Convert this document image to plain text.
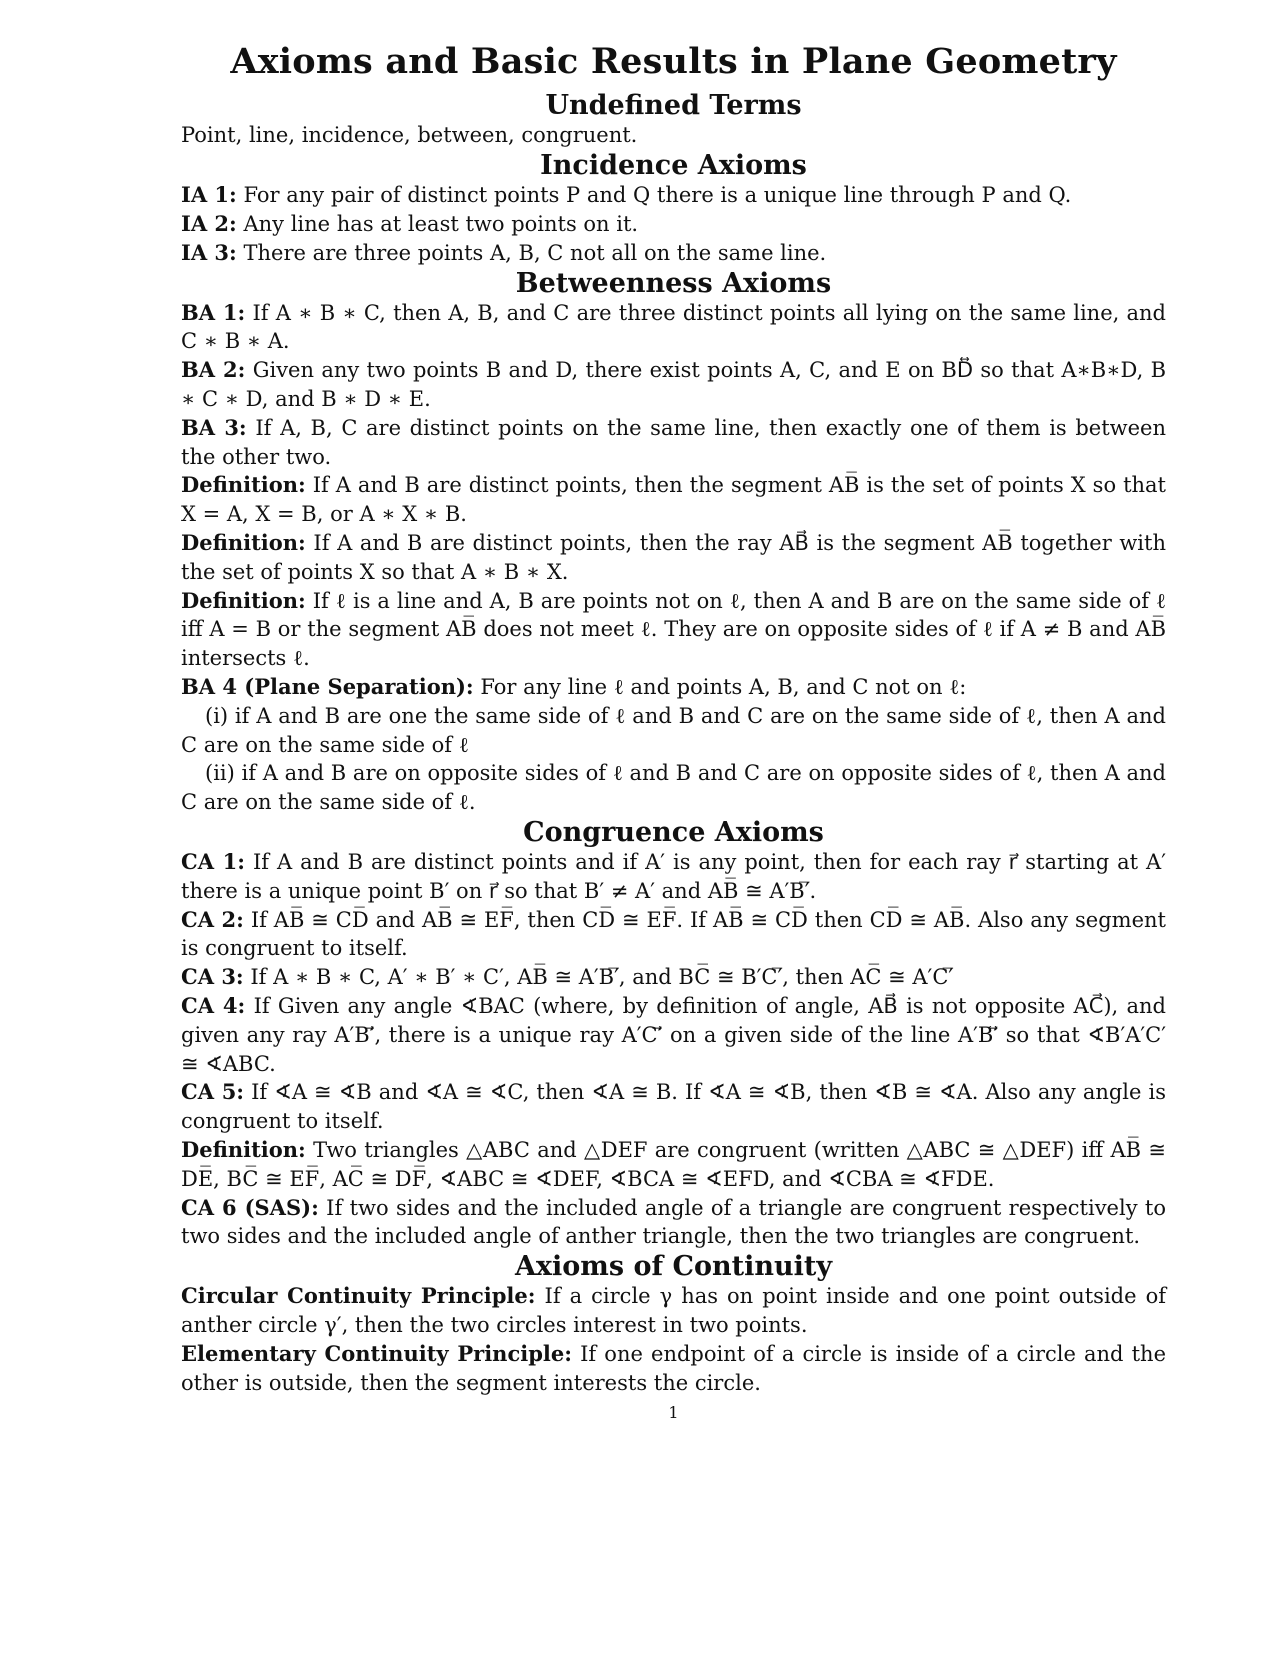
Axioms and Basic Results in Plane Geometry
Undefined Terms

Point, line, incidence, between, congruent.

Incidence Axioms

IA 1: For any pair of distinct points P and Q there is a unique line through P and Q.

IA 2: Any line has at least two points on it.

IA 3: There are three points A, B, C not all on the same line.

Betweenness Axioms

BA 1: If A ∗ B ∗ C, then A, B, and C are three distinct points all lying on the same line, and C ∗ B ∗ A.

BA 2: Given any two points B and D, there exist points A, C, and E on B͏D⃡ so that A∗B∗D, B ∗ C ∗ D, and B ∗ D ∗ E.

BA 3: If A, B, C are distinct points on the same line, then exactly one of them is between the other two.

Definition: If A and B are distinct points, then the segment AB̅ is the set of points X so that X = A, X = B, or A ∗ X ∗ B.

Definition: If A and B are distinct points, then the ray AB⃗ is the segment AB̅ together with the set of points X so that A ∗ B ∗ X.

Definition: If ℓ is a line and A, B are points not on ℓ, then A and B are on the same side of ℓ iff A = B or the segment AB̅ does not meet ℓ. They are on opposite sides of ℓ if A ≠ B and AB̅ intersects ℓ.

BA 4 (Plane Separation): For any line ℓ and points A, B, and C not on ℓ:

(i) if A and B are one the same side of ℓ and B and C are on the same side of ℓ, then A and C are on the same side of ℓ

(ii) if A and B are on opposite sides of ℓ and B and C are on opposite sides of ℓ, then A and C are on the same side of ℓ.

Congruence Axioms

CA 1: If A and B are distinct points and if A′ is any point, then for each ray r⃗ starting at A′ there is a unique point B′ on r⃗ so that B′ ≠ A′ and AB̅ ≅ A′B′̅.

CA 2: If AB̅ ≅ CD̅ and AB̅ ≅ EF̅, then CD̅ ≅ EF̅. If AB̅ ≅ CD̅ then CD̅ ≅ AB̅. Also any segment is congruent to itself.

CA 3: If A ∗ B ∗ C, A′ ∗ B′ ∗ C′, AB̅ ≅ A′B′̅, and BC̅ ≅ B′C′̅, then AC̅ ≅ A′C′̅

CA 4: If Given any angle ∢BAC (where, by definition of angle, AB⃗ is not opposite AC⃗), and given any ray A′B′⃗, there is a unique ray A′C′⃗ on a given side of the line A′B′⃡ so that ∢B′A′C′ ≅ ∢ABC.

CA 5: If ∢A ≅ ∢B and ∢A ≅ ∢C, then ∢A ≅ B. If ∢A ≅ ∢B, then ∢B ≅ ∢A. Also any angle is congruent to itself.

Definition: Two triangles △ABC and △DEF are congruent (written △ABC ≅ △DEF) iff AB̅ ≅ DE̅, BC̅ ≅ EF̅, AC̅ ≅ DF̅, ∢ABC ≅ ∢DEF, ∢BCA ≅ ∢EFD, and ∢CBA ≅ ∢FDE.

CA 6 (SAS): If two sides and the included angle of a triangle are congruent respectively to two sides and the included angle of anther triangle, then the two triangles are congruent.

Axioms of Continuity

Circular Continuity Principle: If a circle γ has on point inside and one point outside of anther circle γ′, then the two circles interest in two points.

Elementary Continuity Principle: If one endpoint of a circle is inside of a circle and the other is outside, then the segment interests the circle.

1
